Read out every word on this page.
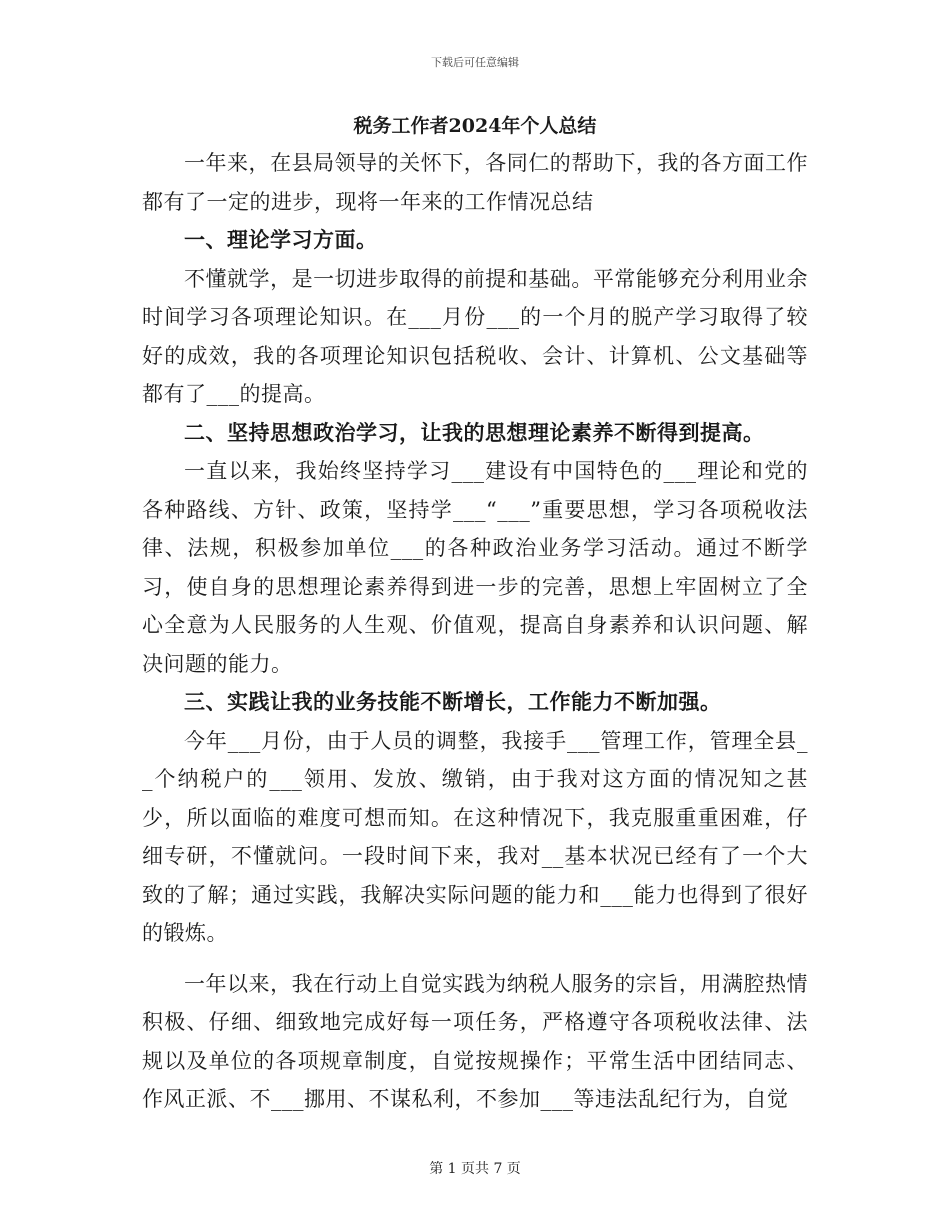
下载后可任意编辑

税务工作者2024年个人总结

一年来，在县局领导的关怀下，各同仁的帮助下，我的各方面工作都有了一定的进步，现将一年来的工作情况总结

一、理论学习方面。

不懂就学，是一切进步取得的前提和基础。平常能够充分利用业余时间学习各项理论知识。在___月份___的一个月的脱产学习取得了较好的成效，我的各项理论知识包括税收、会计、计算机、公文基础等都有了___的提高。

二、坚持思想政治学习，让我的思想理论素养不断得到提高。

一直以来，我始终坚持学习___建设有中国特色的___理论和党的各种路线、方针、政策，坚持学___“___”重要思想，学习各项税收法律、法规，积极参加单位___的各种政治业务学习活动。通过不断学习，使自身的思想理论素养得到进一步的完善，思想上牢固树立了全心全意为人民服务的人生观、价值观，提高自身素养和认识问题、解决问题的能力。

三、实践让我的业务技能不断增长，工作能力不断加强。

今年___月份，由于人员的调整，我接手___管理工作，管理全县__个纳税户的___领用、发放、缴销，由于我对这方面的情况知之甚少，所以面临的难度可想而知。在这种情况下，我克服重重困难，仔细专研，不懂就问。一段时间下来，我对__基本状况已经有了一个大致的了解；通过实践，我解决实际问题的能力和___能力也得到了很好的锻炼。

一年以来，我在行动上自觉实践为纳税人服务的宗旨，用满腔热情积极、仔细、细致地完成好每一项任务，严格遵守各项税收法律、法规以及单位的各项规章制度，自觉按规操作；平常生活中团结同志、作风正派、不___挪用、不谋私利，不参加___等违法乱纪行为，自觉

第 1 页共 7 页
